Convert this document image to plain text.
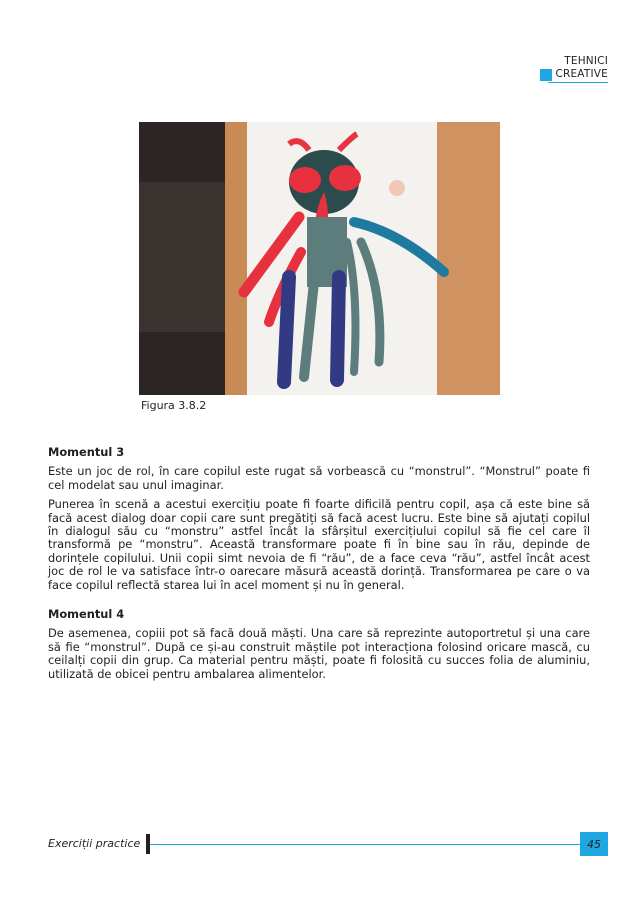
TEHNICI
CREATIVE
Figura 3.8.2
Momentul 3

Este un joc de rol, în care copilul este rugat să vorbească cu “monstrul”. “Monstrul” poate fi cel modelat sau unul imaginar.

Punerea în scenă a acestui exercițiu poate fi foarte dificilă pentru copil, așa că este bine să facă acest dialog doar copii care sunt pregătiți să facă acest lucru. Este bine să ajutați copilul în dialogul său cu “monstru” astfel încât la sfârșitul exercițiului copilul să fie cel care îl transformă pe “monstru”. Această transformare poate fi în bine sau în rău, depinde de dorințele copilului. Unii copii simt nevoia de fi “rău”, de a face ceva “rău”, astfel încât acest joc de rol le va satisface într-o oarecare măsură această dorință. Transformarea pe care o va face copilul reflectă starea lui în acel moment și nu în general.

Momentul 4

De asemenea, copiii pot să facă două măști. Una care să reprezinte autoportretul și una care să fie “monstrul”. După ce și-au construit măștile pot interacționa folosind oricare mască, cu ceilalți copii din grup. Ca material pentru măști, poate fi folosită cu succes folia de aluminiu, utilizată de obicei pentru ambalarea alimentelor.

Exerciții practice	45
